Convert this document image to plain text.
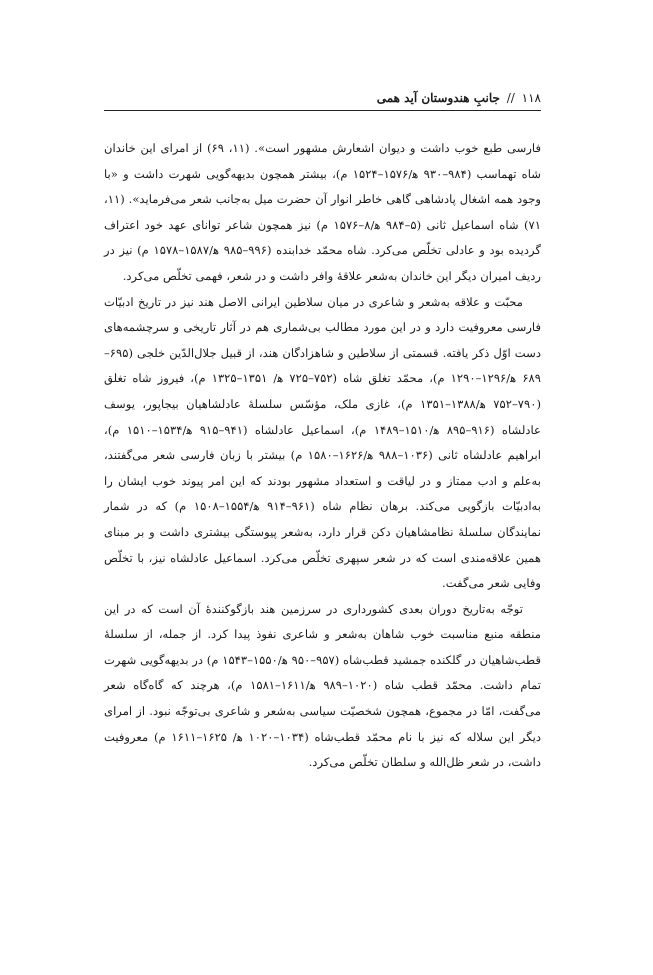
۱۱۸ // جانبِ هندوستان آید همی

فارسی طبع خوب داشت و دیوان اشعارش مشهور است». (۱۱، ۶۹) از امرای این خاندان شاه تهماسب (۹۸۴–۹۳۰ ه‍/۱۵۷۶–۱۵۲۴ م)، بیشتر همچون بدیهه‌گویی شهرت داشت و «با وجود همه اشغال پادشاهی گاهی خاطر انوار آن حضرت میل به‌جانب شعر می‌فرماید». (۱۱، ۷۱) شاه اسماعیل ثانی (۵–۹۸۴ ه‍/۸–۱۵۷۶ م) نیز همچون شاعر توانای عهد خود اعتراف گردیده بود و عادلی تخلّص می‌کرد. شاه محمّد خدابنده (۹۹۶–۹۸۵ ه‍/۱۵۸۷–۱۵۷۸ م) نیز در ردیف امیران دیگر این خاندان به‌شعر علاقهٔ وافر داشت و در شعر، فهمی تخلّص می‌کرد.

محبّت و علاقه به‌شعر و شاعری در میان سلاطین ایرانی الاصل هند نیز در تاریخ ادبیّات فارسی معروفیت دارد و در این مورد مطالب بی‌شماری هم در آثار تاریخی و سرچشمه‌های دست اوّل ذکر یافته. قسمتی از سلاطین و شاهزادگان هند، از قبیل جلال‌الدّین خلجی (۶۹۵–۶۸۹ ه‍/۱۲۹۶–۱۲۹۰ م)، محمّد تغلق شاه (۷۵۲–۷۲۵ ه‍/ ۱۳۵۱–۱۳۲۵ م)، فیروز شاه تغلق (۷۹۰–۷۵۲ ه‍/۱۳۸۸–۱۳۵۱ م)، غازی ملک، مؤسّس سلسلهٔ عادلشاهیان بیجاپور، یوسف عادلشاه (۹۱۶–۸۹۵ ه‍/۱۵۱۰–۱۴۸۹ م)، اسماعیل عادلشاه (۹۴۱–۹۱۵ ه‍/۱۵۳۴–۱۵۱۰ م)، ابراهیم عادلشاه ثانی (۱۰۳۶–۹۸۸ ه‍/۱۶۲۶–۱۵۸۰ م) بیشتر با زبان فارسی شعر می‌گفتند، به‌علم و ادب ممتاز و در لیاقت و استعداد مشهور بودند که این امر پیوند خوب ایشان را به‌ادبیّات بازگویی می‌کند. برهان نظام شاه (۹۶۱–۹۱۴ ه‍/۱۵۵۴–۱۵۰۸ م) که در شمار نمایندگان سلسلهٔ نظامشاهیان دکن قرار دارد، به‌شعر پیوستگی بیشتری داشت و بر مبنای همین علاقه‌مندی است که در شعر سپهری تخلّص می‌کرد. اسماعیل عادلشاه نیز، با تخلّص وفایی شعر می‌گفت.

توجّه به‌تاریخ دوران بعدی کشورداری در سرزمین هند بازگوکنندهٔ آن است که در این منطقه منبع مناسبت خوب شاهان به‌شعر و شاعری نفوذ پیدا کرد. از جمله، از سلسلهٔ قطب‌شاهیان در گلکنده جمشید قطب‌شاه (۹۵۷–۹۵۰ ه‍/۱۵۵۰–۱۵۴۳ م) در بدیهه‌گویی شهرت تمام داشت. محمّد قطب شاه (۱۰۲۰–۹۸۹ ه‍/۱۶۱۱–۱۵۸۱ م)، هرچند که گاه‌گاه شعر می‌گفت، امّا در مجموع، همچون شخصیّت سیاسی به‌شعر و شاعری بی‌توجّه نبود. از امرای دیگر این سلاله که نیز با نام محمّد قطب‌شاه (۱۰۳۴–۱۰۲۰ ه‍/ ۱۶۲۵–۱۶۱۱ م) معروفیت داشت، در شعر ظل‌الله و سلطان تخلّص می‌کرد.
